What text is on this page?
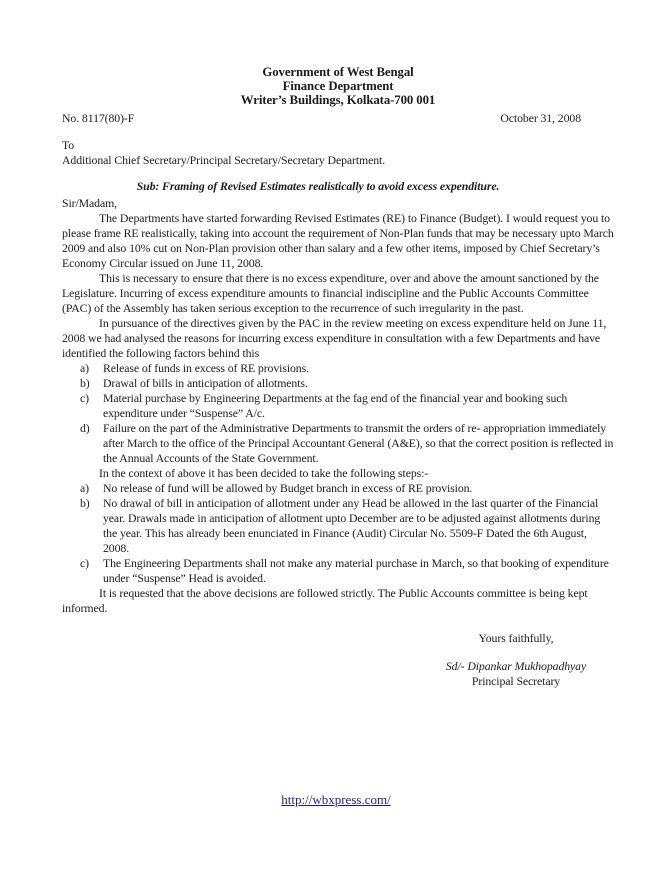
Government of West Bengal
Finance Department
Writer’s Buildings, Kolkata-700 001
No. 8117(80)-F	October 31, 2008
To
Additional Chief Secretary/Principal Secretary/Secretary Department.
Sub: Framing of Revised Estimates realistically to avoid excess expenditure.
Sir/Madam,

The Departments have started forwarding Revised Estimates (RE) to Finance (Budget). I would request you to please frame RE realistically, taking into account the requirement of Non-Plan funds that may be necessary upto March 2009 and also 10% cut on Non-Plan provision other than salary and a few other items, imposed by Chief Secretary’s Economy Circular issued on June 11, 2008.

This is necessary to ensure that there is no excess expenditure, over and above the amount sanctioned by the Legislature. Incurring of excess expenditure amounts to financial indiscipline and the Public Accounts Committee (PAC) of the Assembly has taken serious exception to the recurrence of such irregularity in the past.

In pursuance of the directives given by the PAC in the review meeting on excess expenditure held on June 11, 2008 we had analysed the reasons for incurring excess expenditure in consultation with a few Departments and have identified the following factors behind this

a) Release of funds in excess of RE provisions.
b) Drawal of bills in anticipation of allotments.
c) Material purchase by Engineering Departments at the fag end of the financial year and booking such expenditure under “Suspense” A/c.
d) Failure on the part of the Administrative Departments to transmit the orders of re- appropriation immediately after March to the office of the Principal Accountant General (A&E), so that the correct position is reflected in the Annual Accounts of the State Government.

In the context of above it has been decided to take the following steps:-

a) No release of fund will be allowed by Budget branch in excess of RE provision.
b) No drawal of bill in anticipation of allotment under any Head be allowed in the last quarter of the Financial year. Drawals made in anticipation of allotment upto December are to be adjusted against allotments during the year. This has already been enunciated in Finance (Audit) Circular No. 5509-F Dated the 6th August, 2008.
c) The Engineering Departments shall not make any material purchase in March, so that booking of expenditure under “Suspense” Head is avoided.

It is requested that the above decisions are followed strictly. The Public Accounts committee is being kept informed.

Yours faithfully,
Sd/- Dipankar Mukhopadhyay
Principal Secretary
http://wbxpress.com/
